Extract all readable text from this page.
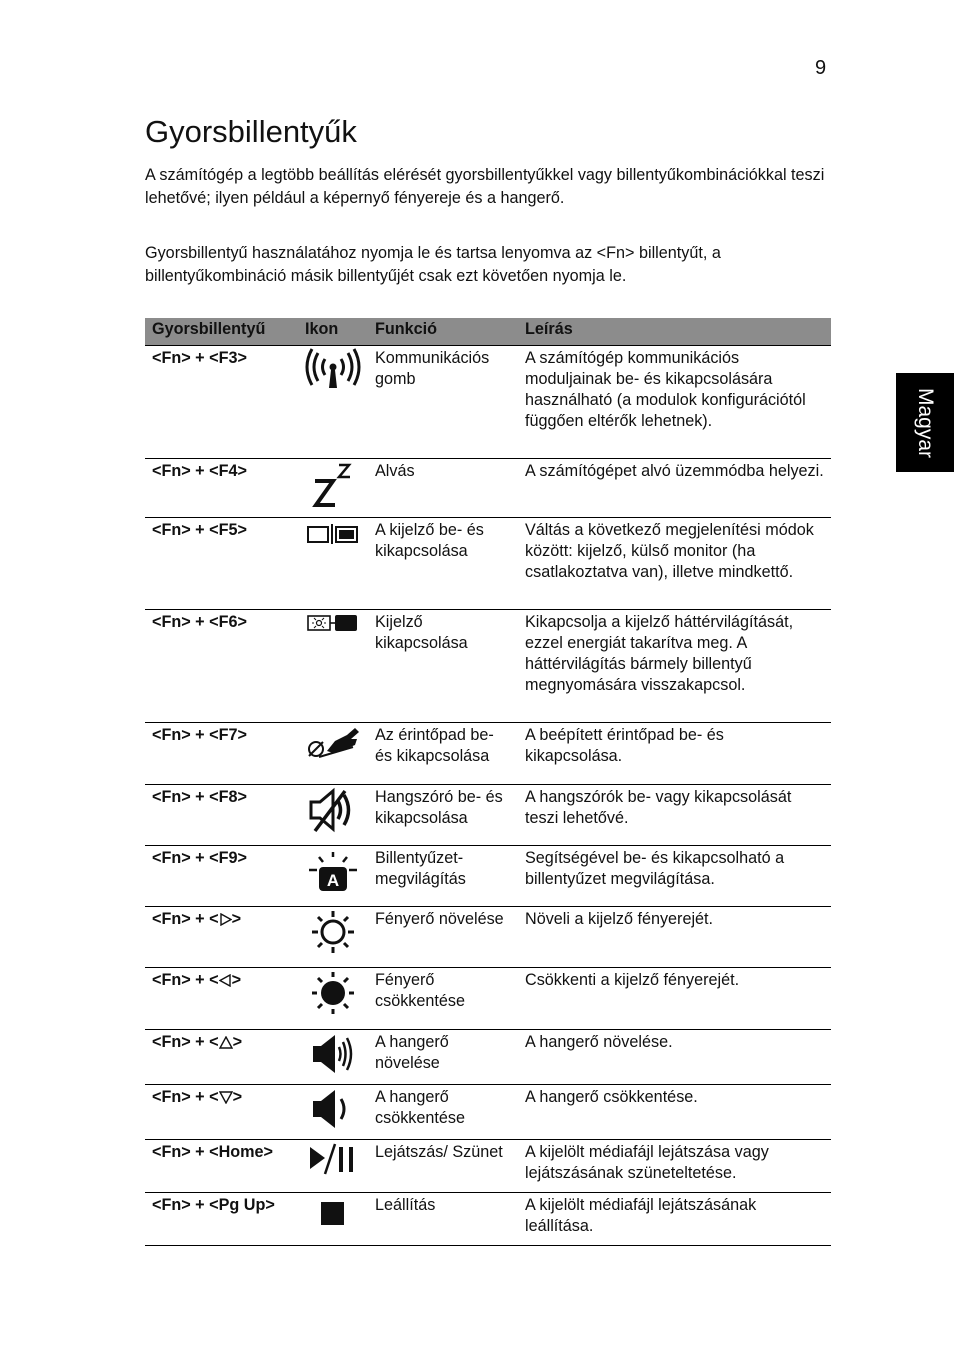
9
Gyorsbillentyűk

A számítógép a legtöbb beállítás elérését gyorsbillentyűkkel vagy billentyűkombinációkkal teszi lehetővé; ilyen például a képernyő fényereje és a hangerő.

Gyorsbillentyű használatához nyomja le és tartsa lenyomva az <Fn> billentyűt, a billentyűkombináció másik billentyűjét csak ezt követően nyomja le.

Magyar
Gyorsbillentyű	Ikon	Funkció	Leírás
<Fn> + <F3>		Kommunikációs gomb	A számítógép kommunikációs moduljainak be- és kikapcsolására használható (a modulok konfigurációtól függően eltérők lehetnek).
<Fn> + <F4>		Alvás	A számítógépet alvó üzemmódba helyezi.
<Fn> + <F5>		A kijelző be- és kikapcsolása	Váltás a következő megjelenítési módok között: kijelző, külső monitor (ha csatlakoztatva van), illetve mindkettő.
<Fn> + <F6>		Kijelző kikapcsolása	Kikapcsolja a kijelző háttérvilágítását, ezzel energiát takarítva meg. A háttérvilágítás bármely billentyű megnyomására visszakapcsol.
<Fn> + <F7>		Az érintőpad be- és kikapcsolása	A beépített érintőpad be- és kikapcsolása.
<Fn> + <F8>		Hangszóró be- és kikapcsolása	A hangszórók be- vagy kikapcsolását teszi lehetővé.
<Fn> + <F9>	A	Billentyűzet-megvilágítás	Segítségével be- és kikapcsolható a billentyűzet megvilágítása.
<Fn> + < >		Fényerő növelése	Növeli a kijelző fényerejét.
<Fn> + < >		Fényerő csökkentése	Csökkenti a kijelző fényerejét.
<Fn> + < >		A hangerő növelése	A hangerő növelése.
<Fn> + < >		A hangerő csökkentése	A hangerő csökkentése.
<Fn> + <Home>		Lejátszás/ Szünet	A kijelölt médiafájl lejátszása vagy lejátszásának szüneteltetése.
<Fn> + <Pg Up>		Leállítás	A kijelölt médiafájl lejátszásának leállítása.
